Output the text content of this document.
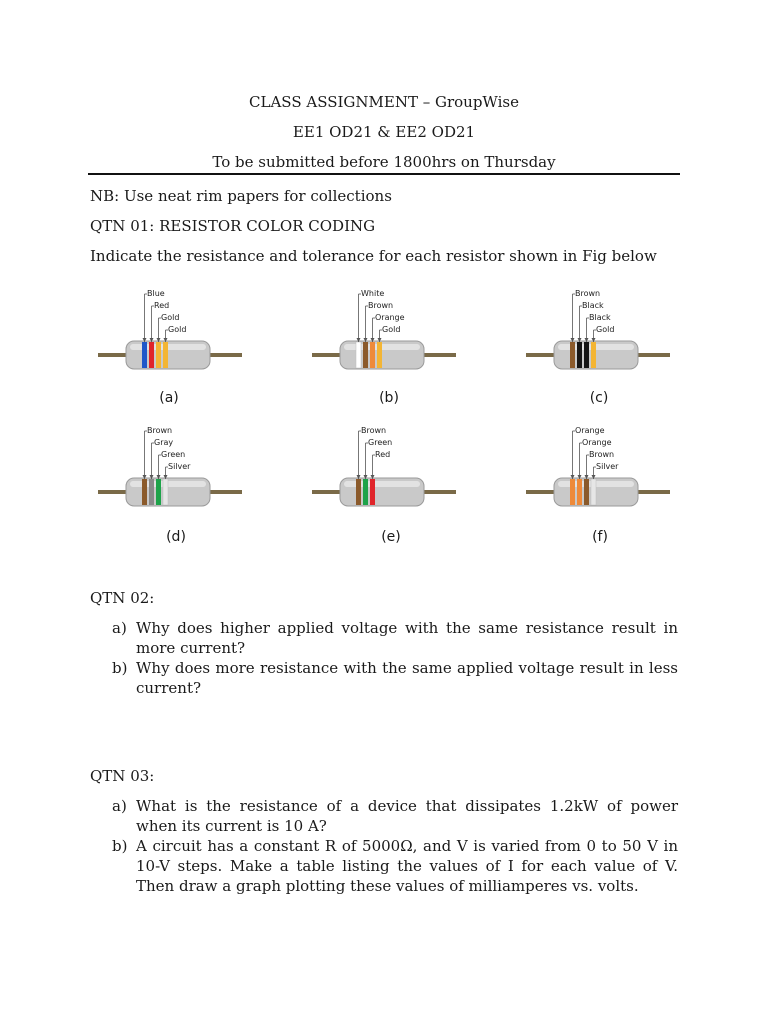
CLASS ASSIGNMENT – GroupWise
EE1 OD21 & EE2 OD21
To be submitted before 1800hrs on Thursday
NB: Use neat rim papers for collections
QTN 01: RESISTOR COLOR CODING
Indicate the resistance and tolerance for each resistor shown in Fig below
Blue
Red
Gold
Gold
(a)
White
Brown
Orange
Gold
(b)
Brown
Black
Black
Gold
(c)
Brown
Gray
Green
Silver
(d)
Brown
Green
Red
(e)
Orange
Orange
Brown
Silver
(f)
QTN 02:
a) Why does higher applied voltage with the same resistance result in more current?
b) Why does more resistance with the same applied voltage result in less current?
QTN 03:
a) What is the resistance of a device that dissipates 1.2kW of power when its current is 10 A?
b) A circuit has a constant R of 5000Ω, and V is varied from 0 to 50 V in 10-V steps. Make a table listing the values of I for each value of V. Then draw a graph plotting these values of milliamperes vs. volts.
